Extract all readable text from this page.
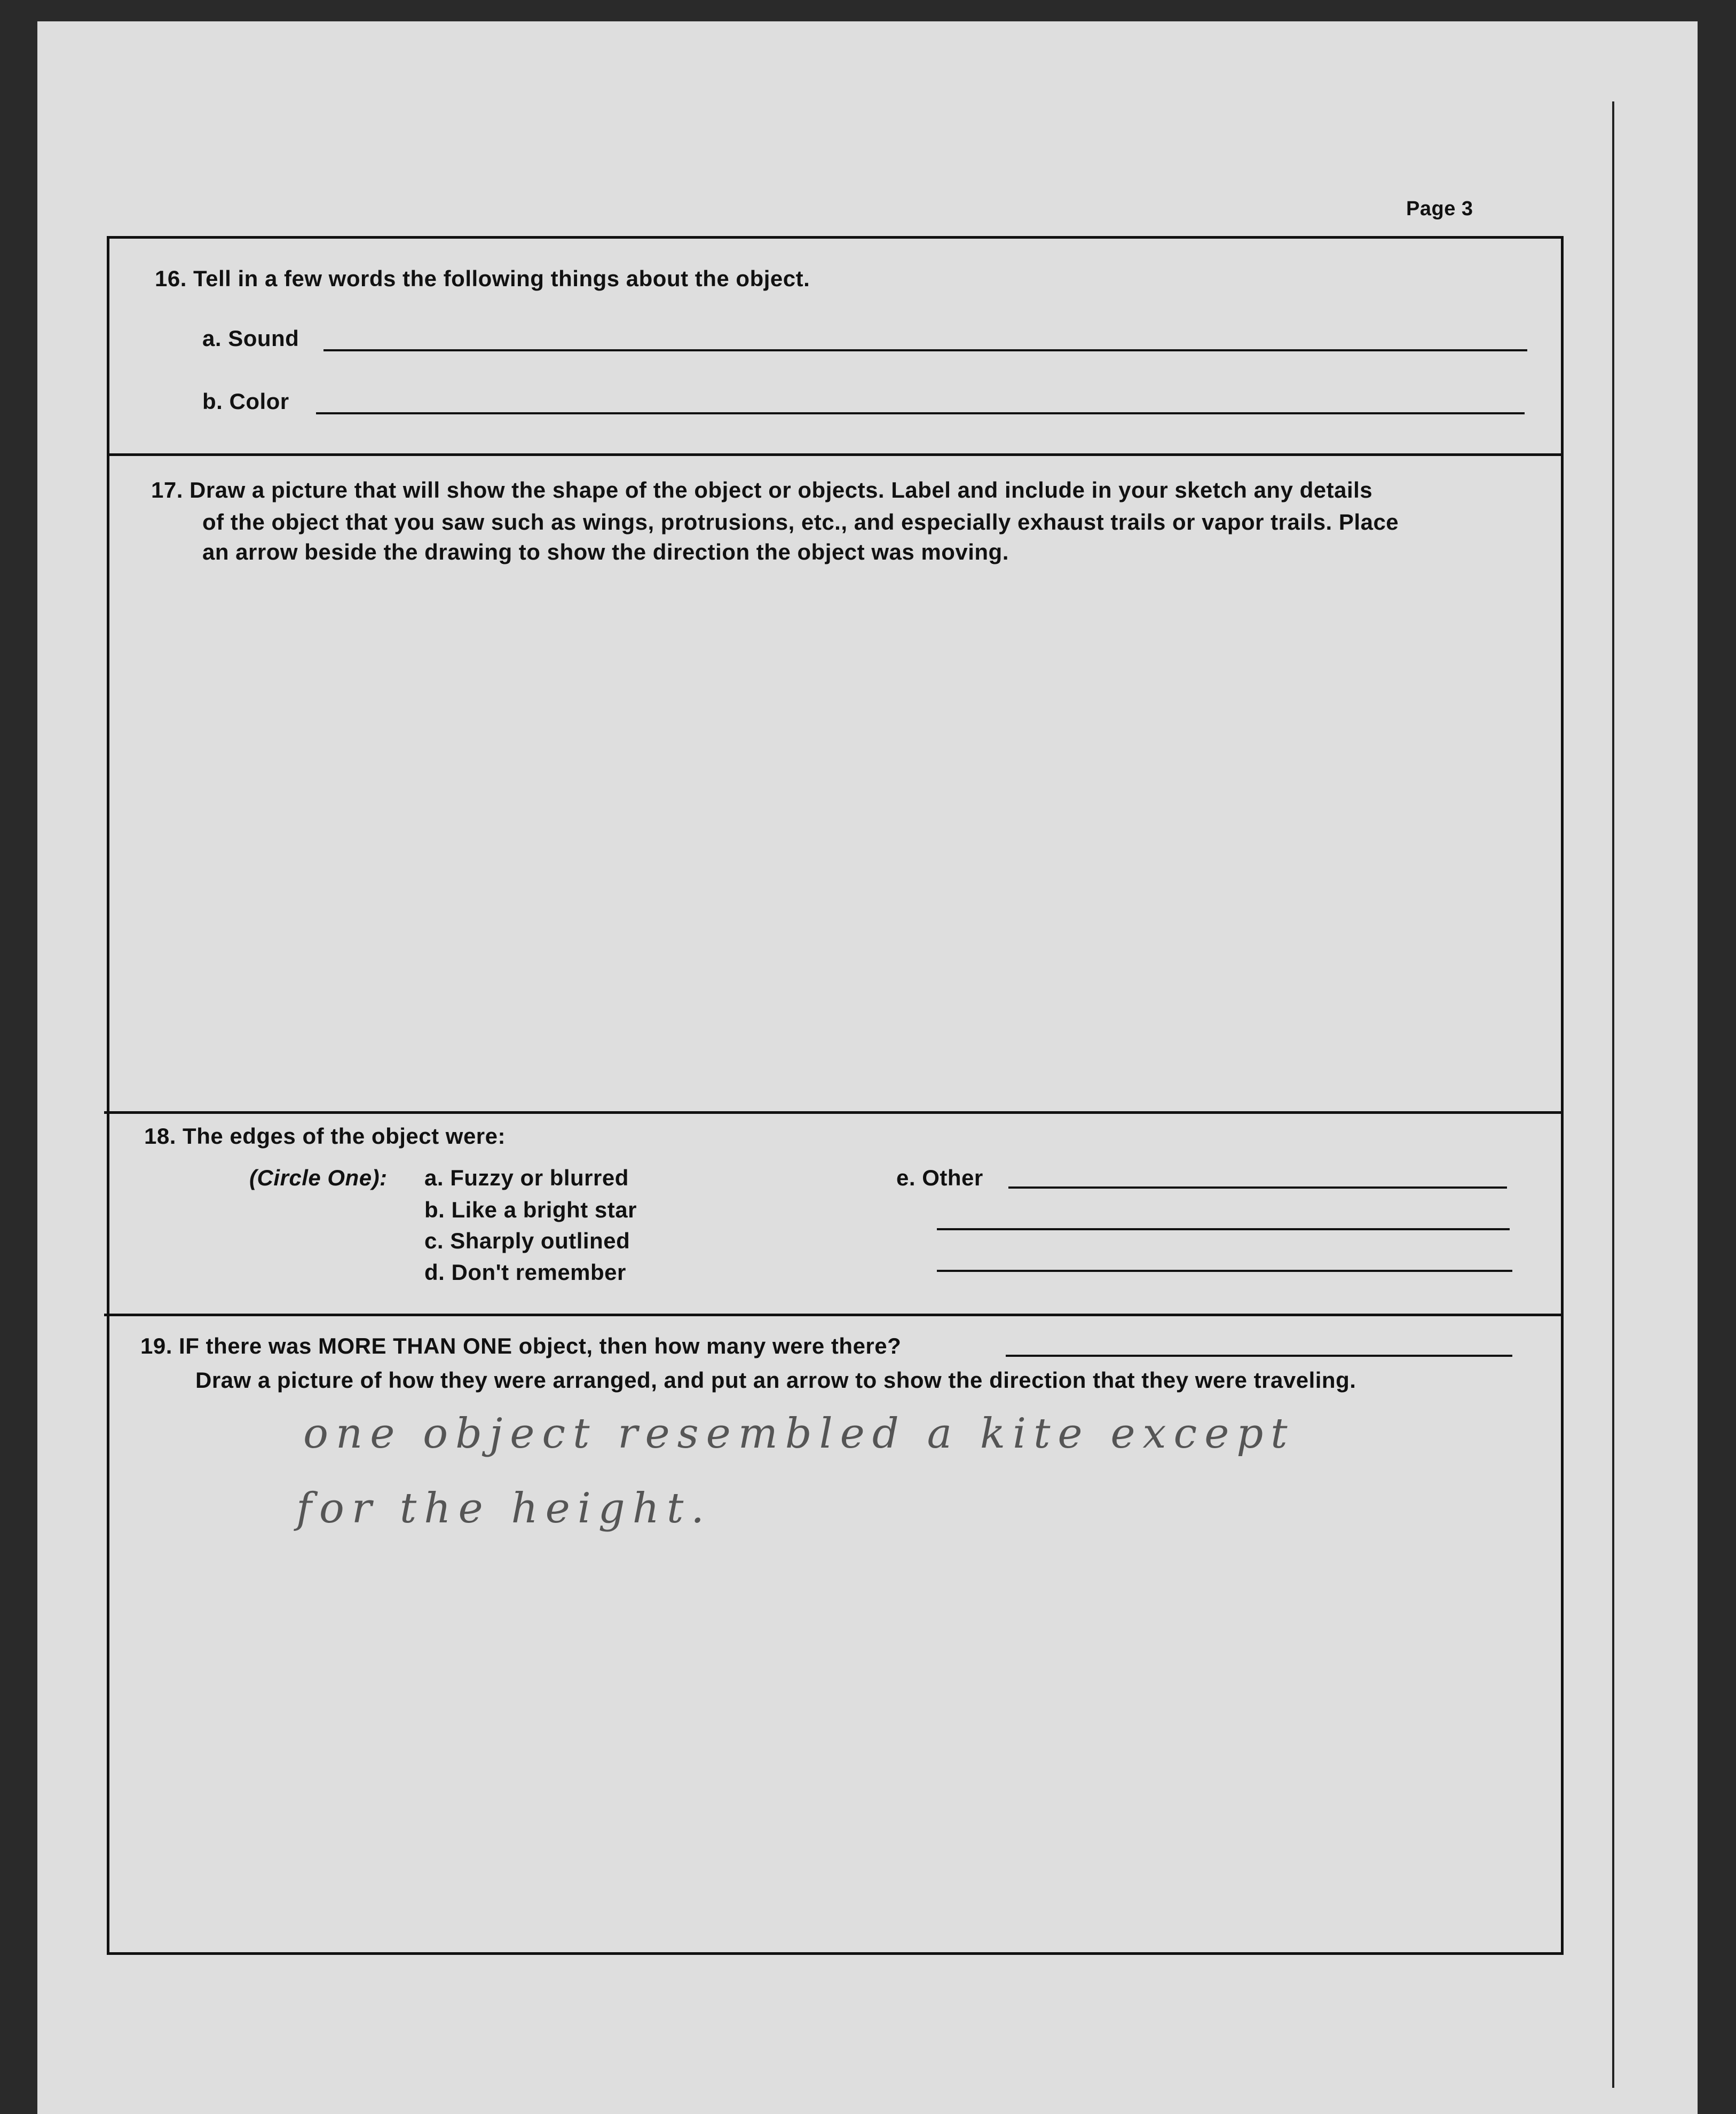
Page 3
16. Tell in a few words the following things about the object.
a. Sound
b. Color
17. Draw a picture that will show the shape of the object or objects. Label and include in your sketch any details
of the object that you saw such as wings, protrusions, etc., and especially exhaust trails or vapor trails. Place
an arrow beside the drawing to show the direction the object was moving.
18. The edges of the object were:
(Circle One): a. Fuzzy or blurred
b. Like a bright star
c. Sharply outlined
d. Don't remember
e. Other
19. IF there was MORE THAN ONE object, then how many were there?
Draw a picture of how they were arranged, and put an arrow to show the direction that they were traveling.
one object resembled a kite except
for the height.
